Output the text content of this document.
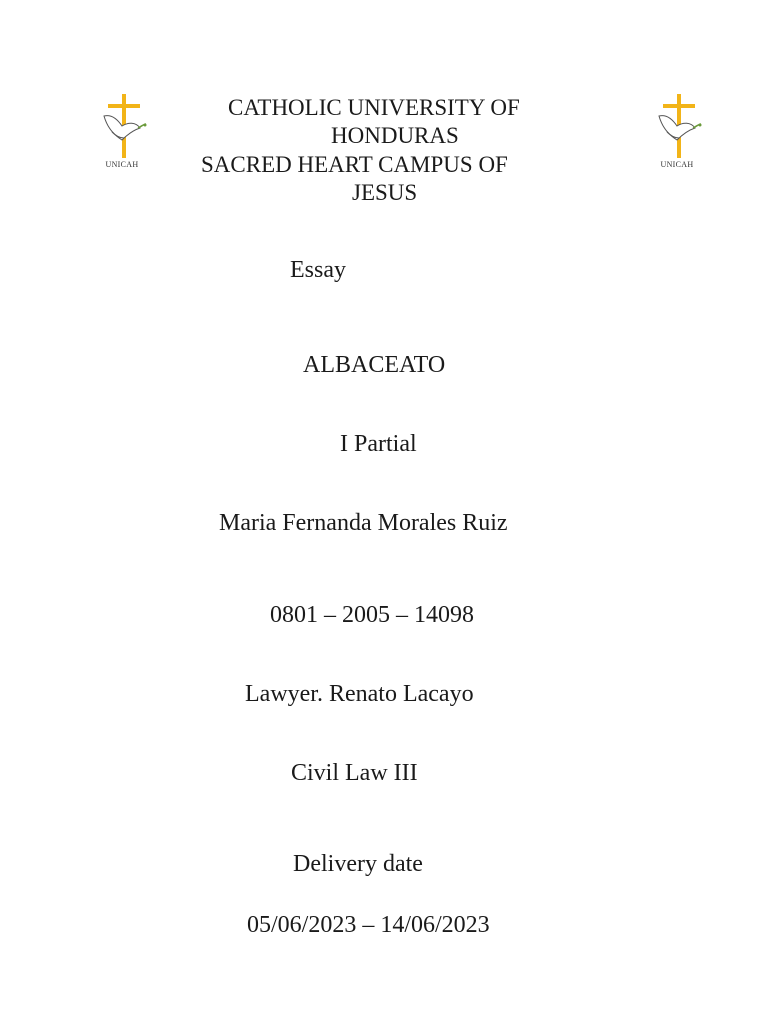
UNICAH	UNICAH
CATHOLIC UNIVERSITY OF
HONDURAS
SACRED HEART CAMPUS OF
JESUS
Essay
ALBACEATO
I Partial
Maria Fernanda Morales Ruiz
0801 – 2005 – 14098
Lawyer. Renato Lacayo
Civil Law III
Delivery date
05/06/2023 – 14/06/2023
